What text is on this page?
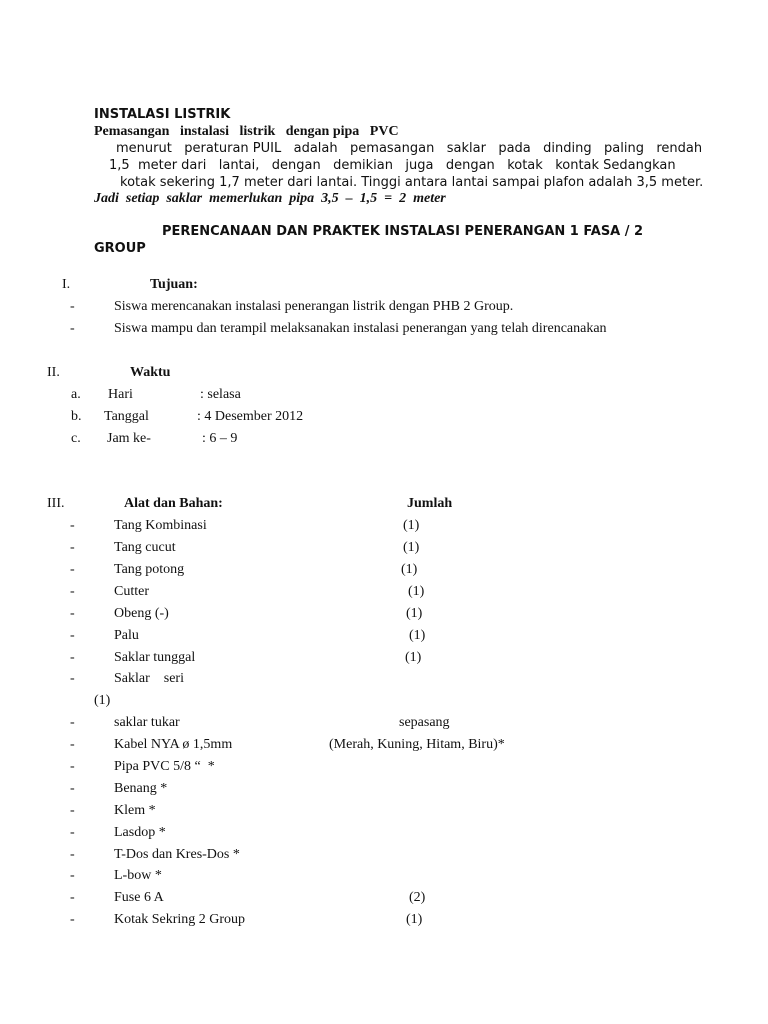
INSTALASI LISTRIK
Pemasangan   instalasi   listrik   dengan pipa   PVC
menurut   peraturan PUIL   adalah   pemasangan   saklar   pada   dinding   paling   rendah
1,5  meter dari   lantai,   dengan   demikian   juga   dengan   kotak   kontak Sedangkan
kotak sekering 1,7 meter dari lantai. Tinggi antara lantai sampai plafon adalah 3,5 meter.
Jadi  setiap  saklar  memerlukan  pipa  3,5  –  1,5  =  2  meter
PERENCANAAN DAN PRAKTEK INSTALASI PENERANGAN 1 FASA / 2
GROUP
I.	Tujuan:
-	Siswa merencanakan instalasi penerangan listrik dengan PHB 2 Group.
-	Siswa mampu dan terampil melaksanakan instalasi penerangan yang telah direncanakan
II.	Waktu
a. Hari	: selasa
b. Tanggal	: 4 Desember 2012
c. Jam ke-	: 6 – 9
III.	Alat dan Bahan:	Jumlah
-	Tang Kombinasi	(1)
-	Tang cucut	(1)
-	Tang potong	(1)
-	Cutter	(1)
-	Obeng (-)	(1)
-	Palu	(1)
-	Saklar tunggal	(1)
-	Saklar    seri
(1)
-	saklar tukar	sepasang
-	Kabel NYA ø 1,5mm	(Merah, Kuning, Hitam, Biru)*
-	Pipa PVC 5/8 “  *
-	Benang *
-	Klem *
-	Lasdop *
-	T-Dos dan Kres-Dos *
-	L-bow *
-	Fuse 6 A	(2)
-	Kotak Sekring 2 Group	(1)
